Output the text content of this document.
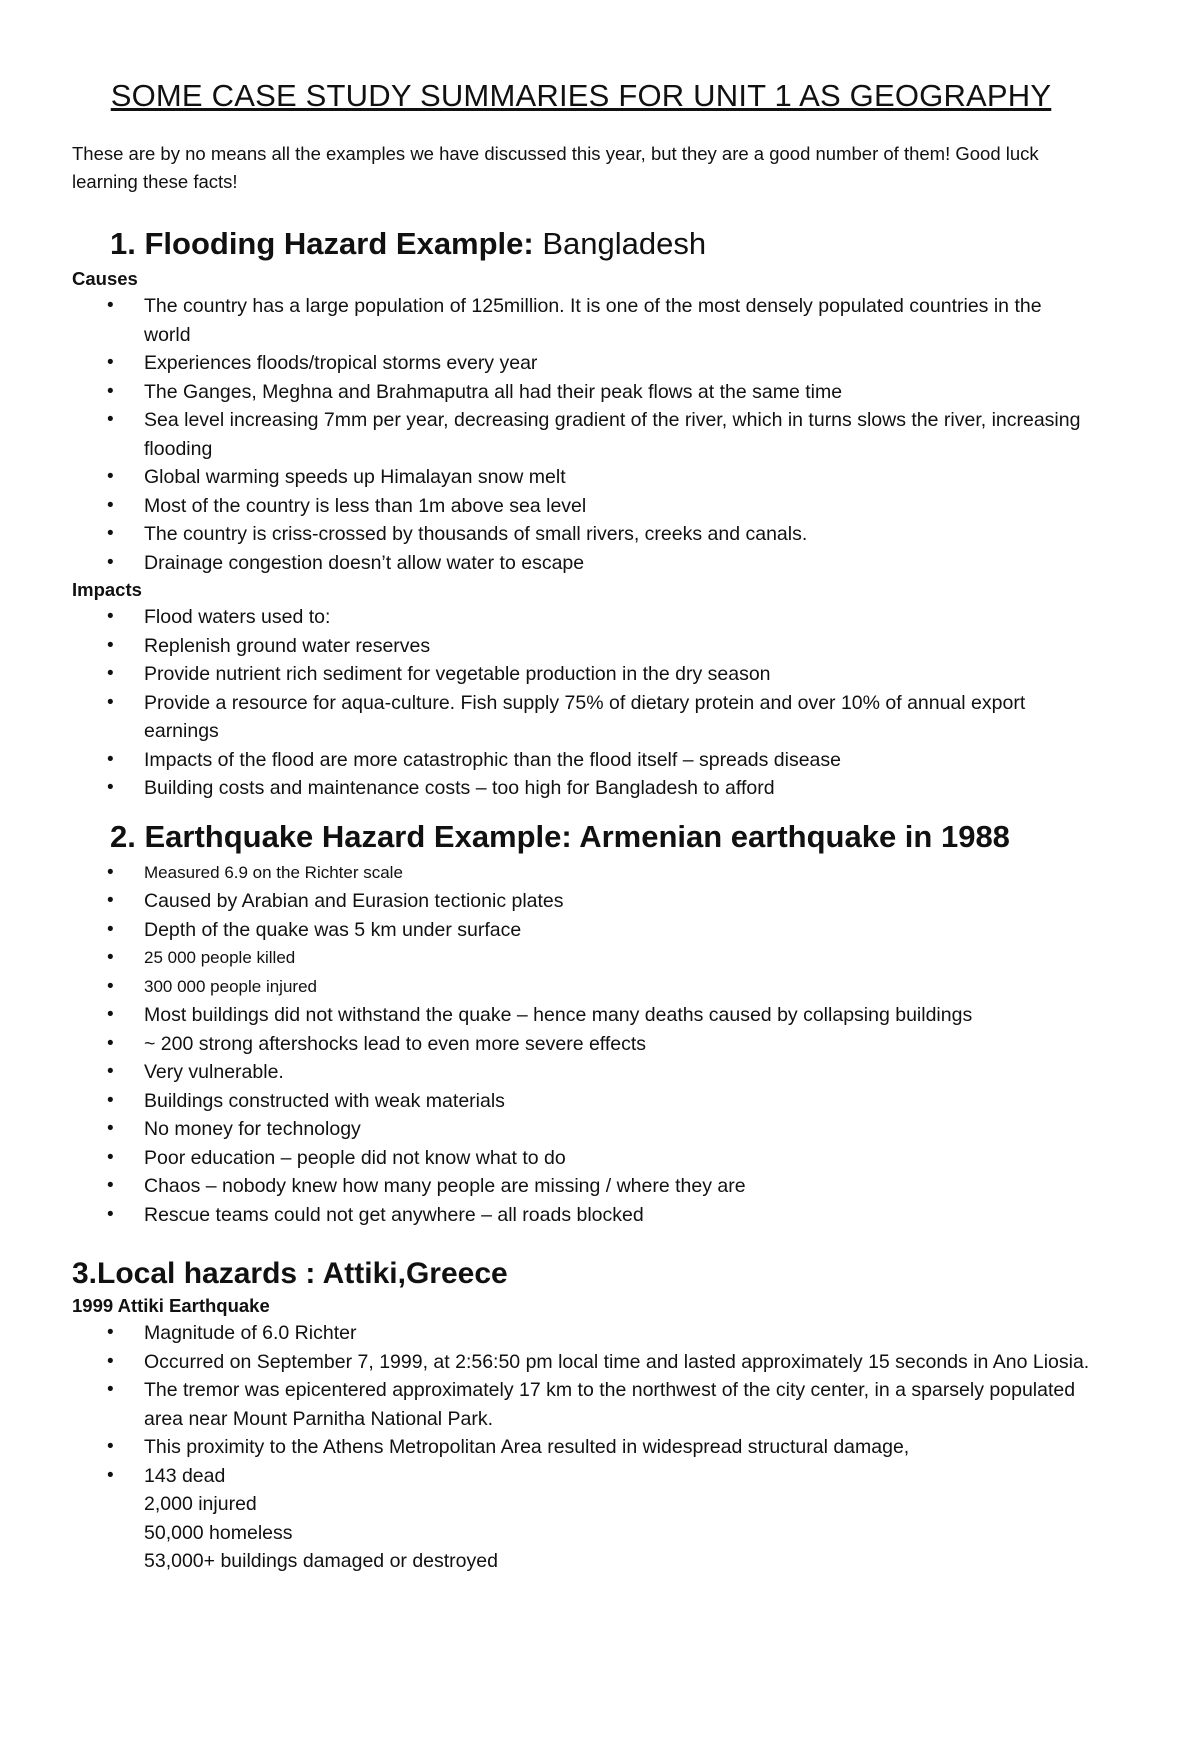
SOME CASE STUDY SUMMARIES FOR UNIT 1 AS GEOGRAPHY
These are by no means all the examples we have discussed this year, but they are a good number of them! Good luck learning these facts!
1. Flooding Hazard Example: Bangladesh
Causes
• The country has a large population of 125million. It is one of the most densely populated countries in the world
• Experiences floods/tropical storms every year
• The Ganges, Meghna and Brahmaputra all had their peak flows at the same time
• Sea level increasing 7mm per year, decreasing gradient of the river, which in turns slows the river, increasing flooding
• Global warming speeds up Himalayan snow melt
• Most of the country is less than 1m above sea level
• The country is criss-crossed by thousands of small rivers, creeks and canals.
• Drainage congestion doesn’t allow water to escape
Impacts
• Flood waters used to:
• Replenish ground water reserves
• Provide nutrient rich sediment for vegetable production in the dry season
• Provide a resource for aqua-culture. Fish supply 75% of dietary protein and over 10% of annual export earnings
• Impacts of the flood are more catastrophic than the flood itself – spreads disease
• Building costs and maintenance costs – too high for Bangladesh to afford
2. Earthquake Hazard Example: Armenian earthquake in 1988
• Measured 6.9 on the Richter scale
• Caused by Arabian and Eurasion tectionic plates
• Depth of the quake was 5 km under surface
• 25 000 people killed
• 300 000 people injured
• Most buildings did not withstand the quake – hence many deaths caused by collapsing buildings
• ~ 200 strong aftershocks lead to even more severe effects
• Very vulnerable.
• Buildings constructed with weak materials
• No money for technology
• Poor education – people did not know what to do
• Chaos – nobody knew how many people are missing / where they are
• Rescue teams could not get anywhere – all roads blocked
3.Local hazards : Attiki,Greece
1999 Attiki Earthquake
• Magnitude of 6.0 Richter
• Occurred on September 7, 1999, at 2:56:50 pm local time and lasted approximately 15 seconds in Ano Liosia.
• The tremor was epicentered approximately 17 km to the northwest of the city center, in a sparsely populated area near Mount Parnitha National Park.
• This proximity to the Athens Metropolitan Area resulted in widespread structural damage,
• 143 dead
2,000 injured
50,000 homeless
53,000+ buildings damaged or destroyed
